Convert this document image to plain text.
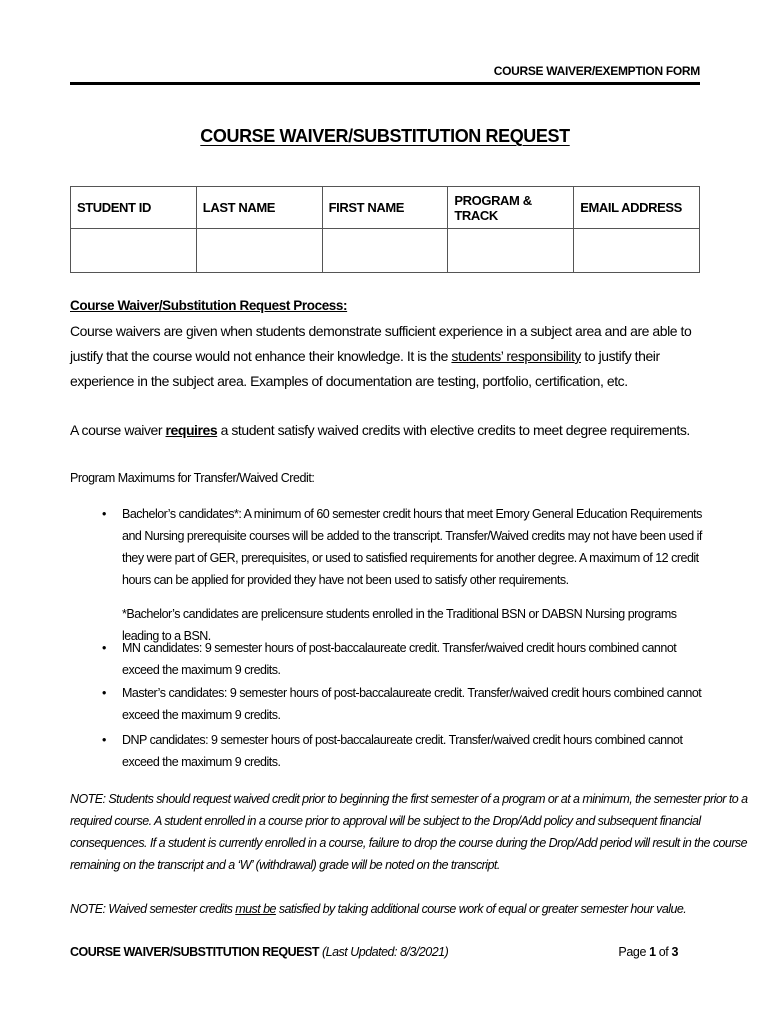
COURSE WAIVER/EXEMPTION FORM
COURSE WAIVER/SUBSTITUTION REQUEST
STUDENT ID	LAST NAME	FIRST NAME	PROGRAM & TRACK	EMAIL ADDRESS

Course Waiver/Substitution Request Process:
Course waivers are given when students demonstrate sufficient experience in a subject area and are able to justify that the course would not enhance their knowledge. It is the students’ responsibility to justify their experience in the subject area. Examples of documentation are testing, portfolio, certification, etc.
A course waiver requires a student satisfy waived credits with elective credits to meet degree requirements.
Program Maximums for Transfer/Waived Credit:
• Bachelor’s candidates*: A minimum of 60 semester credit hours that meet Emory General Education Requirements and Nursing prerequisite courses will be added to the transcript. Transfer/Waived credits may not have been used if they were part of GER, prerequisites, or used to satisfied requirements for another degree. A maximum of 12 credit hours can be applied for provided they have not been used to satisfy other requirements.
*Bachelor’s candidates are prelicensure students enrolled in the Traditional BSN or DABSN Nursing programs leading to a BSN.
• MN candidates: 9 semester hours of post-baccalaureate credit. Transfer/waived credit hours combined cannot exceed the maximum 9 credits.
• Master’s candidates: 9 semester hours of post-baccalaureate credit. Transfer/waived credit hours combined cannot exceed the maximum 9 credits.
• DNP candidates: 9 semester hours of post-baccalaureate credit. Transfer/waived credit hours combined cannot exceed the maximum 9 credits.
NOTE: Students should request waived credit prior to beginning the first semester of a program or at a minimum, the semester prior to a required course. A student enrolled in a course prior to approval will be subject to the Drop/Add policy and subsequent financial consequences. If a student is currently enrolled in a course, failure to drop the course during the Drop/Add period will result in the course remaining on the transcript and a ‘W’ (withdrawal) grade will be noted on the transcript.
NOTE: Waived semester credits must be satisfied by taking additional course work of equal or greater semester hour value.
COURSE WAIVER/SUBSTITUTION REQUEST (Last Updated: 8/3/2021)	Page 1 of 3
